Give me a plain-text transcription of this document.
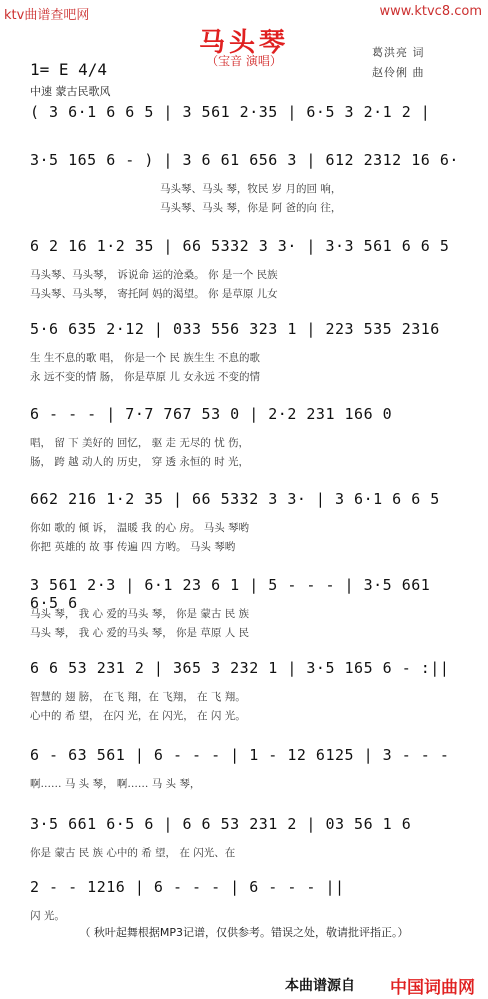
ktv曲谱查吧网	www.ktvc8.com
马头琴
（宝音 演唱）
葛洪亮 词
赵伶俐 曲
1= E 4/4
中速 蒙古民歌风
( 3 6·1 6 6 5 | 3 561 2·35 | 6·5 3 2·1 2 |
3·5 165 6 - ) | 3 6 61 656 3 | 612 2312 16 6·
马头琴、马头 琴，牧民 岁 月的回 响，
马头琴、马头 琴，你是 阿 爸的向 往，
6 2 16 1·2 35 | 66 5332 3 3· | 3·3 561 6 6 5
马头琴、马头琴， 诉说命 运的沧桑。 你 是一个 民族
马头琴、马头琴， 寄托阿 妈的渴望。 你 是草原 儿女
5·6 635 2·12 | 033 556 323 1 | 223 535 2316
生 生不息的歌 唱， 你是一个 民 族生生 不息的歌
永 远不变的情 肠， 你是草原 儿 女永远 不变的情
6 - - - | 7·7 767 53 0 | 2·2 231 166 0
唱， 留 下 美好的 回忆， 驱 走 无尽的 忧 伤，
肠， 跨 越 动人的 历史， 穿 透 永恒的 时 光，
662 216 1·2 35 | 66 5332 3 3· | 3 6·1 6 6 5
你如 歌的 倾 诉， 温暖 我 的心 房。 马头 琴哟
你把 英雄的 故 事 传遍 四 方哟。 马头 琴哟
3 561 2·3 | 6·1 23 6 1 | 5 - - - | 3·5 661 6·5 6
马头 琴， 我 心 爱的马头 琴， 你是 蒙古 民 族
马头 琴， 我 心 爱的马头 琴， 你是 草原 人 民
6 6 53 231 2 | 365 3 232 1 | 3·5 165 6 - :||
智慧的 翅 膀， 在飞 翔，在 飞翔， 在 飞 翔。
心中的 希 望， 在闪 光，在 闪光， 在 闪 光。
6 - 63 561 | 6 - - - | 1 - 12 6125 | 3 - - -
啊…… 马 头 琴， 啊…… 马 头 琴，
3·5 661 6·5 6 | 6 6 53 231 2 | 03 56 1 6
你是 蒙古 民 族 心中的 希 望， 在 闪光、在
2 - - 1216 | 6 - - - | 6 - - - ||
闪 光。
（ 秋叶起舞根据MP3记谱，仅供参考。错误之处，敬请批评指正。）
本曲谱源自 中国词曲网
